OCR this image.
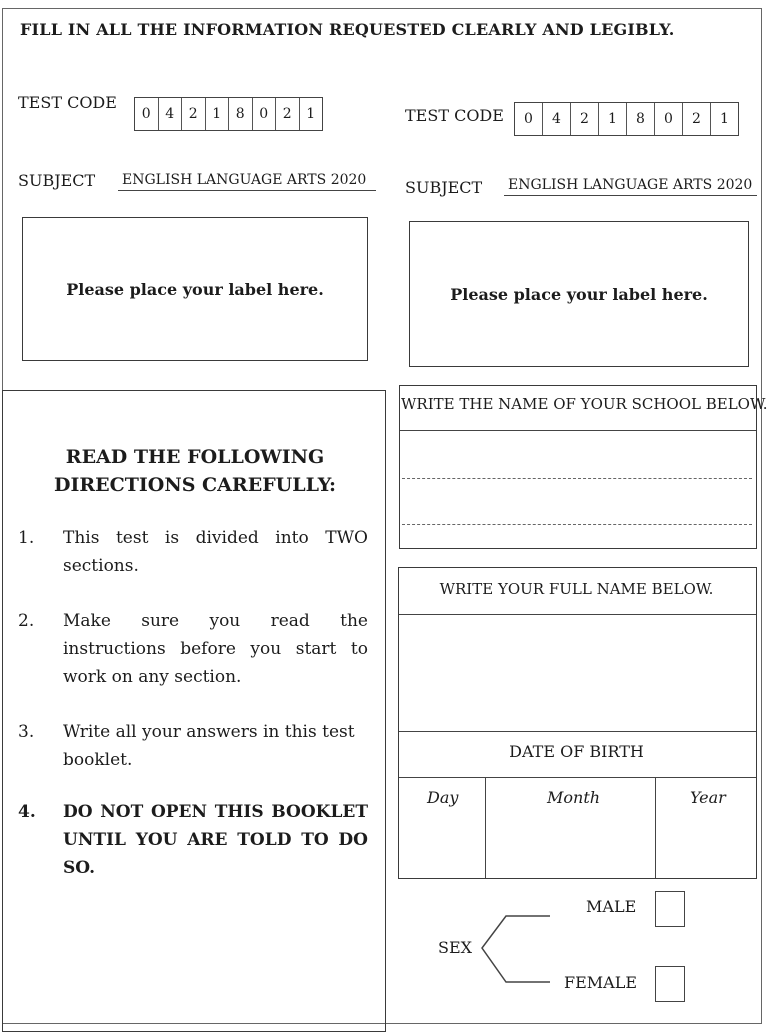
FILL IN ALL THE INFORMATION REQUESTED CLEARLY AND LEGIBLY.
TEST CODE
0	4	2	1	8	0	2	1	TEST CODE	0	4	2	1	8	0	2	1
SUBJECT ENGLISH LANGUAGE ARTS 2020	SUBJECT ENGLISH LANGUAGE ARTS 2020
Please place your label here.	Please place your label here.
READ THE FOLLOWING
DIRECTIONS CAREFULLY:
1.	This test is divided into TWO sections.
2.	Make sure you read the instructions before you start to work on any section.
3.	Write all your answers in this test booklet.
4.	DO NOT OPEN THIS BOOKLET UNTIL YOU ARE TOLD TO DO SO.
WRITE THE NAME OF YOUR SCHOOL BELOW.
WRITE YOUR FULL NAME BELOW.
DATE OF BIRTH
Day	Month	Year
SEX
MALE
FEMALE
